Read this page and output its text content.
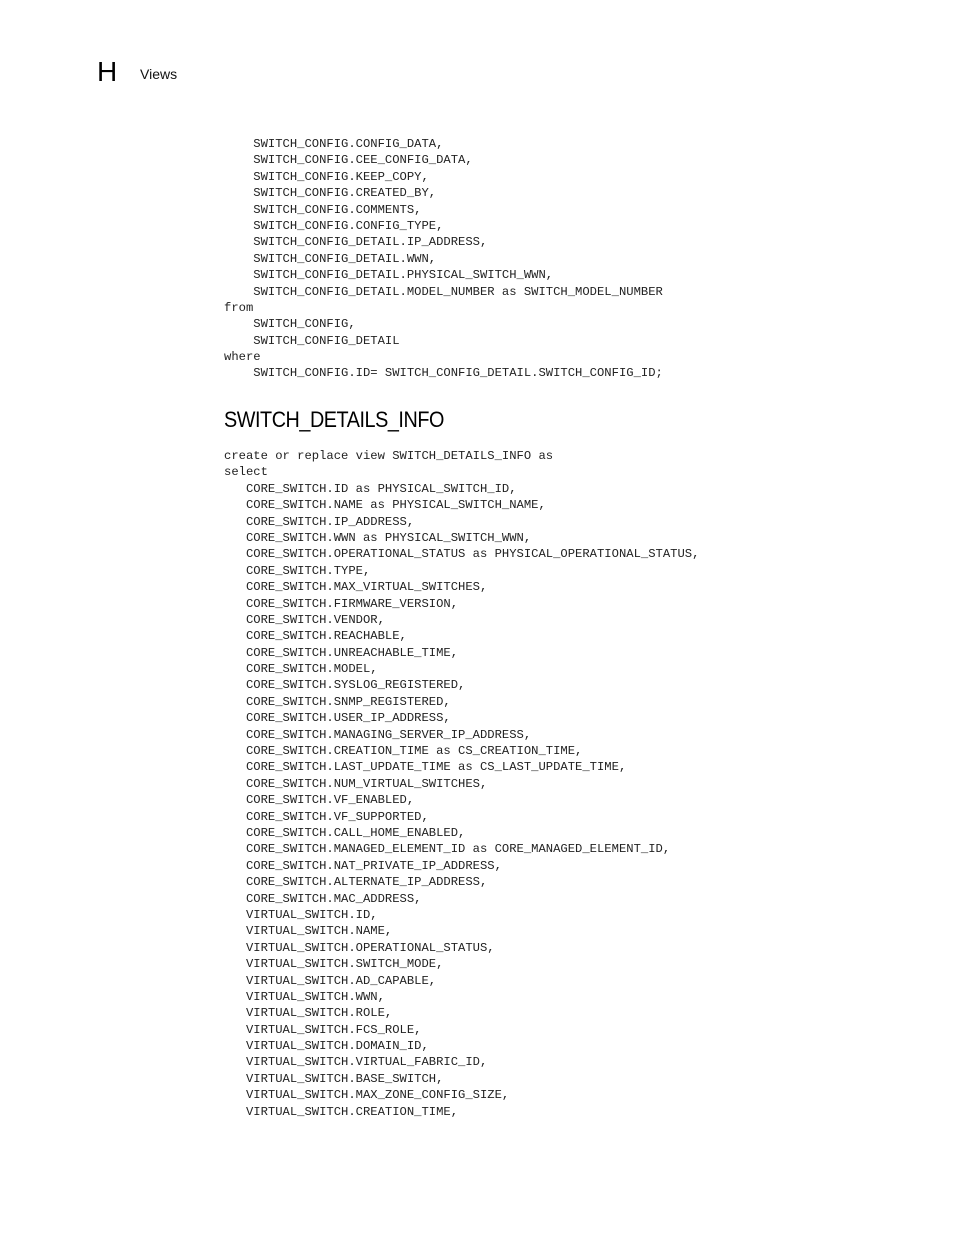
H Views
SWITCH_CONFIG.CONFIG_DATA,
SWITCH_CONFIG.CEE_CONFIG_DATA,
SWITCH_CONFIG.KEEP_COPY,
SWITCH_CONFIG.CREATED_BY,
SWITCH_CONFIG.COMMENTS,
SWITCH_CONFIG.CONFIG_TYPE,
SWITCH_CONFIG_DETAIL.IP_ADDRESS,
SWITCH_CONFIG_DETAIL.WWN,
SWITCH_CONFIG_DETAIL.PHYSICAL_SWITCH_WWN,
SWITCH_CONFIG_DETAIL.MODEL_NUMBER as SWITCH_MODEL_NUMBER
from
SWITCH_CONFIG,
SWITCH_CONFIG_DETAIL
where
SWITCH_CONFIG.ID= SWITCH_CONFIG_DETAIL.SWITCH_CONFIG_ID;
SWITCH_DETAILS_INFO
create or replace view SWITCH_DETAILS_INFO as
select
CORE_SWITCH.ID as PHYSICAL_SWITCH_ID,
CORE_SWITCH.NAME as PHYSICAL_SWITCH_NAME,
CORE_SWITCH.IP_ADDRESS,
CORE_SWITCH.WWN as PHYSICAL_SWITCH_WWN,
CORE_SWITCH.OPERATIONAL_STATUS as PHYSICAL_OPERATIONAL_STATUS,
CORE_SWITCH.TYPE,
CORE_SWITCH.MAX_VIRTUAL_SWITCHES,
CORE_SWITCH.FIRMWARE_VERSION,
CORE_SWITCH.VENDOR,
CORE_SWITCH.REACHABLE,
CORE_SWITCH.UNREACHABLE_TIME,
CORE_SWITCH.MODEL,
CORE_SWITCH.SYSLOG_REGISTERED,
CORE_SWITCH.SNMP_REGISTERED,
CORE_SWITCH.USER_IP_ADDRESS,
CORE_SWITCH.MANAGING_SERVER_IP_ADDRESS,
CORE_SWITCH.CREATION_TIME as CS_CREATION_TIME,
CORE_SWITCH.LAST_UPDATE_TIME as CS_LAST_UPDATE_TIME,
CORE_SWITCH.NUM_VIRTUAL_SWITCHES,
CORE_SWITCH.VF_ENABLED,
CORE_SWITCH.VF_SUPPORTED,
CORE_SWITCH.CALL_HOME_ENABLED,
CORE_SWITCH.MANAGED_ELEMENT_ID as CORE_MANAGED_ELEMENT_ID,
CORE_SWITCH.NAT_PRIVATE_IP_ADDRESS,
CORE_SWITCH.ALTERNATE_IP_ADDRESS,
CORE_SWITCH.MAC_ADDRESS,
VIRTUAL_SWITCH.ID,
VIRTUAL_SWITCH.NAME,
VIRTUAL_SWITCH.OPERATIONAL_STATUS,
VIRTUAL_SWITCH.SWITCH_MODE,
VIRTUAL_SWITCH.AD_CAPABLE,
VIRTUAL_SWITCH.WWN,
VIRTUAL_SWITCH.ROLE,
VIRTUAL_SWITCH.FCS_ROLE,
VIRTUAL_SWITCH.DOMAIN_ID,
VIRTUAL_SWITCH.VIRTUAL_FABRIC_ID,
VIRTUAL_SWITCH.BASE_SWITCH,
VIRTUAL_SWITCH.MAX_ZONE_CONFIG_SIZE,
VIRTUAL_SWITCH.CREATION_TIME,
